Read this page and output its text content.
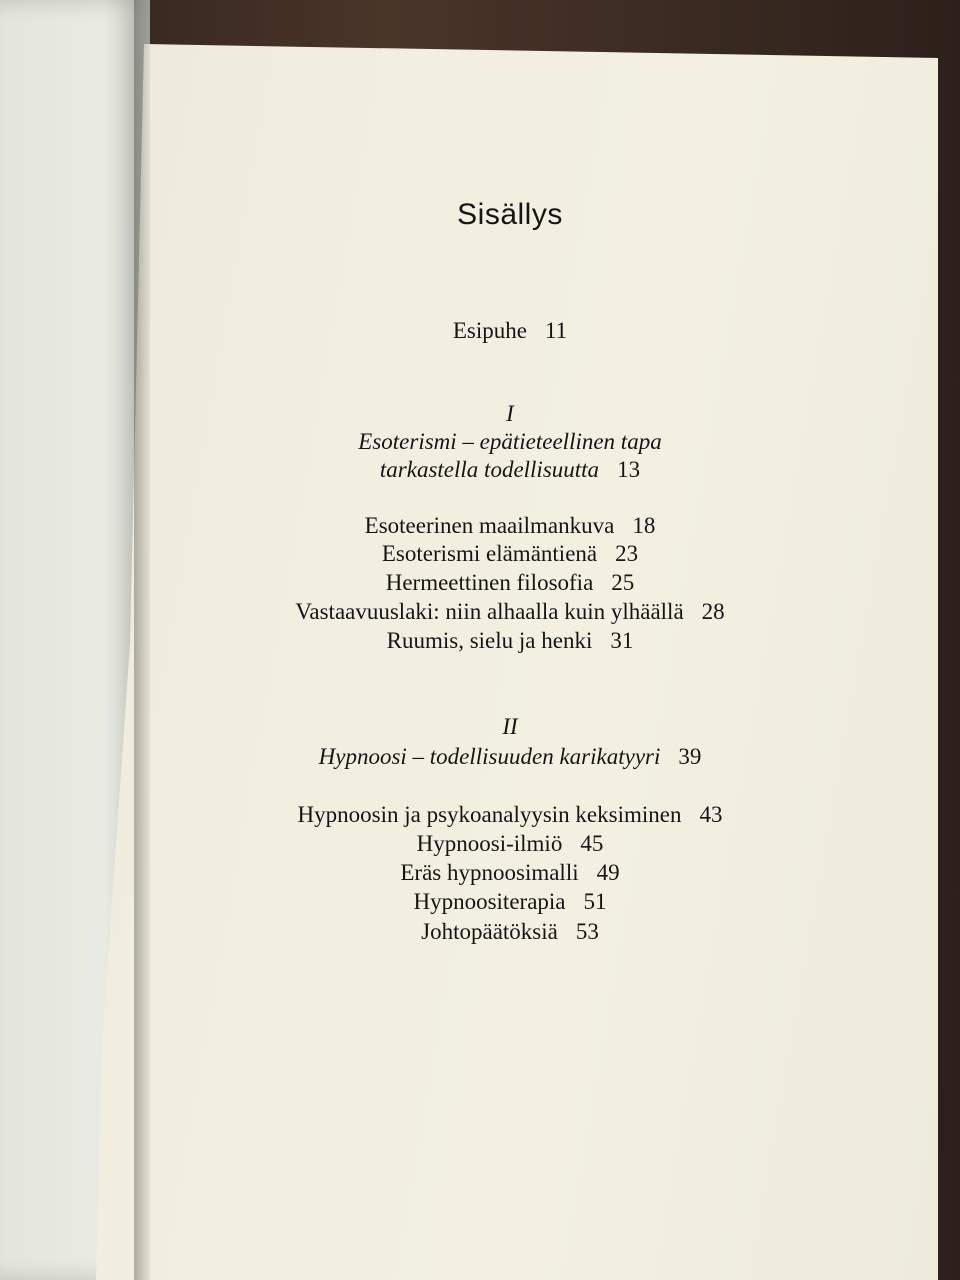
Sisällys
Esipuhe 11
I
Esoterismi – epätieteellinen tapa
tarkastella todellisuutta 13
Esoteerinen maailmankuva 18
Esoterismi elämäntienä 23
Hermeettinen filosofia 25
Vastaavuuslaki: niin alhaalla kuin ylhäällä 28
Ruumis, sielu ja henki 31
II
Hypnoosi – todellisuuden karikatyyri 39
Hypnoosin ja psykoanalyysin keksiminen 43
Hypnoosi-ilmiö 45
Eräs hypnoosimalli 49
Hypnoositerapia 51
Johtopäätöksiä 53
